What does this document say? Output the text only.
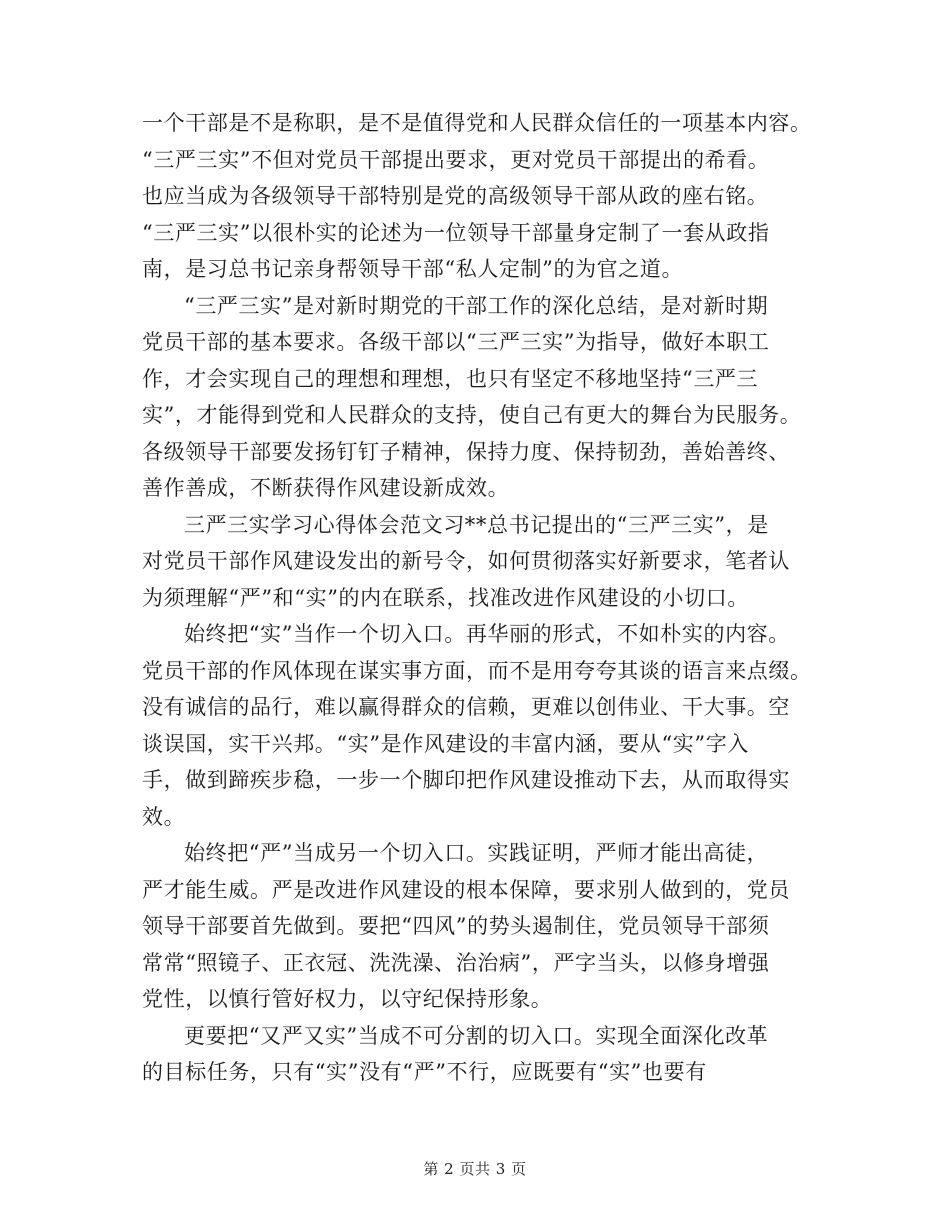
一个干部是不是称职，是不是值得党和人民群众信任的一项基本内容。
“三严三实”不但对党员干部提出要求，更对党员干部提出的希看。
也应当成为各级领导干部特别是党的高级领导干部从政的座右铭。
“三严三实”以很朴实的论述为一位领导干部量身定制了一套从政指
南，是习总书记亲身帮领导干部“私人定制”的为官之道。
“三严三实”是对新时期党的干部工作的深化总结，是对新时期
党员干部的基本要求。各级干部以“三严三实”为指导，做好本职工
作，才会实现自己的理想和理想，也只有坚定不移地坚持“三严三
实”，才能得到党和人民群众的支持，使自己有更大的舞台为民服务。
各级领导干部要发扬钉钉子精神，保持力度、保持韧劲，善始善终、
善作善成，不断获得作风建设新成效。
三严三实学习心得体会范文习**总书记提出的“三严三实”，是
对党员干部作风建设发出的新号令，如何贯彻落实好新要求，笔者认
为须理解“严”和“实”的内在联系，找准改进作风建设的小切口。
始终把“实”当作一个切入口。再华丽的形式，不如朴实的内容。
党员干部的作风体现在谋实事方面，而不是用夸夸其谈的语言来点缀。
没有诚信的品行，难以赢得群众的信赖，更难以创伟业、干大事。空
谈误国，实干兴邦。“实”是作风建设的丰富内涵，要从“实”字入
手，做到蹄疾步稳，一步一个脚印把作风建设推动下去，从而取得实
效。
始终把“严”当成另一个切入口。实践证明，严师才能出高徒，
严才能生威。严是改进作风建设的根本保障，要求别人做到的，党员
领导干部要首先做到。要把“四风”的势头遏制住，党员领导干部须
常常“照镜子、正衣冠、洗洗澡、治治病”，严字当头，以修身增强
党性，以慎行管好权力，以守纪保持形象。
更要把“又严又实”当成不可分割的切入口。实现全面深化改革
的目标任务，只有“实”没有“严”不行，应既要有“实”也要有
第 2 页共 3 页
